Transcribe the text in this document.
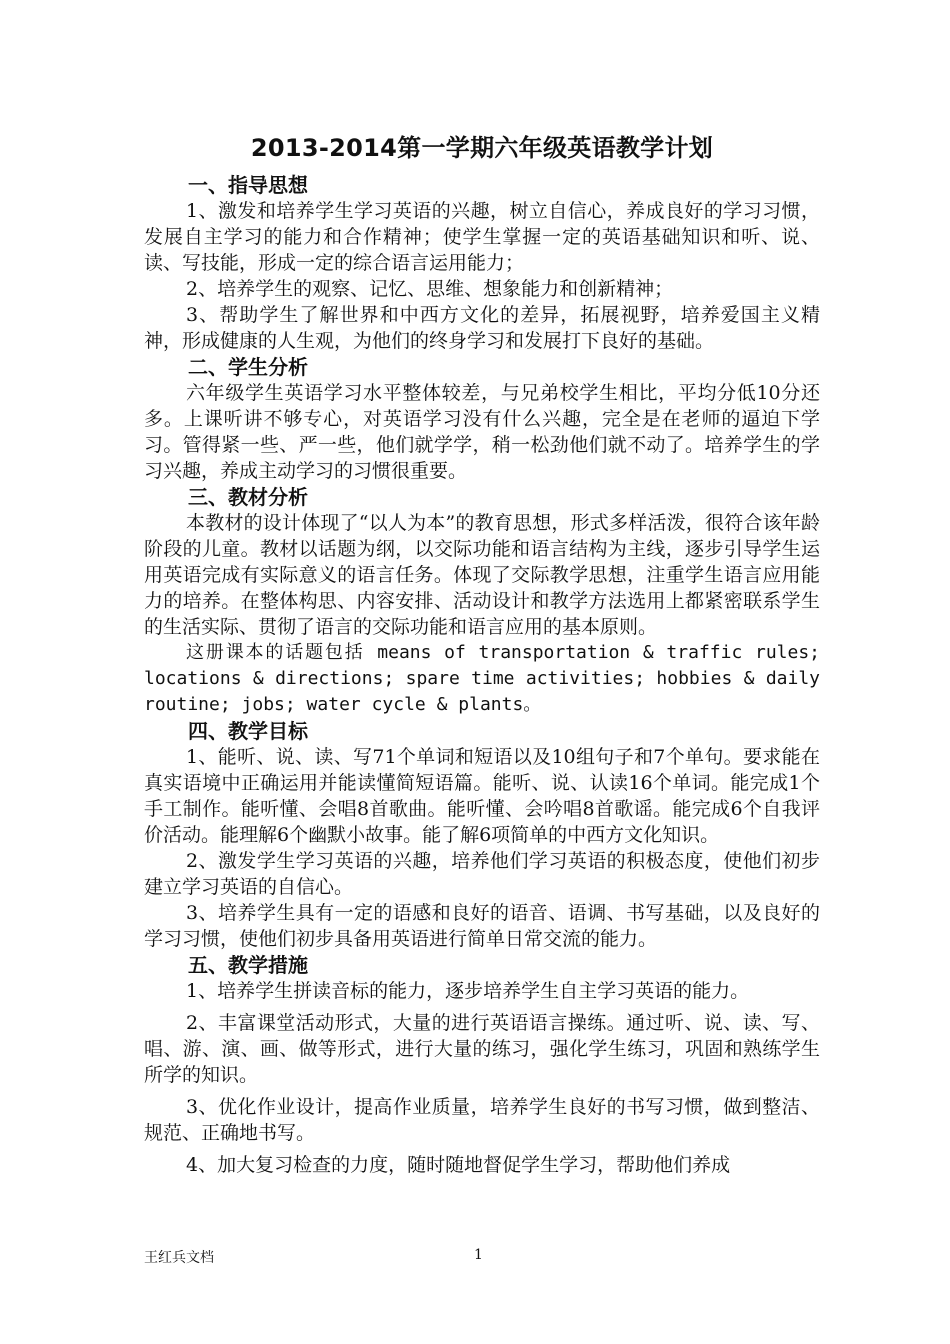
2013-2014第一学期六年级英语教学计划
一、指导思想

1、激发和培养学生学习英语的兴趣，树立自信心，养成良好的学习习惯，发展自主学习的能力和合作精神；使学生掌握一定的英语基础知识和听、说、读、写技能，形成一定的综合语言运用能力；

2、培养学生的观察、记忆、思维、想象能力和创新精神；

3、帮助学生了解世界和中西方文化的差异，拓展视野，培养爱国主义精神，形成健康的人生观，为他们的终身学习和发展打下良好的基础。

二、学生分析

六年级学生英语学习水平整体较差，与兄弟校学生相比，平均分低10分还多。上课听讲不够专心，对英语学习没有什么兴趣，完全是在老师的逼迫下学习。管得紧一些、严一些，他们就学学，稍一松劲他们就不动了。培养学生的学习兴趣，养成主动学习的习惯很重要。

三、教材分析

本教材的设计体现了“以人为本”的教育思想，形式多样活泼，很符合该年龄阶段的儿童。教材以话题为纲，以交际功能和语言结构为主线，逐步引导学生运用英语完成有实际意义的语言任务。体现了交际教学思想，注重学生语言应用能力的培养。在整体构思、内容安排、活动设计和教学方法选用上都紧密联系学生的生活实际、贯彻了语言的交际功能和语言应用的基本原则。

这册课本的话题包括 means of transportation & traffic rules; locations & directions; spare time activities; hobbies & daily routine; jobs; water cycle & plants。

四、教学目标

1、能听、说、读、写71个单词和短语以及10组句子和7个单句。要求能在真实语境中正确运用并能读懂简短语篇。能听、说、认读16个单词。能完成1个手工制作。能听懂、会唱8首歌曲。能听懂、会吟唱8首歌谣。能完成6个自我评价活动。能理解6个幽默小故事。能了解6项简单的中西方文化知识。

2、激发学生学习英语的兴趣，培养他们学习英语的积极态度，使他们初步建立学习英语的自信心。

3、培养学生具有一定的语感和良好的语音、语调、书写基础，以及良好的学习习惯，使他们初步具备用英语进行简单日常交流的能力。

五、教学措施

1、培养学生拼读音标的能力，逐步培养学生自主学习英语的能力。

2、丰富课堂活动形式，大量的进行英语语言操练。通过听、说、读、写、唱、游、演、画、做等形式，进行大量的练习，强化学生练习，巩固和熟练学生所学的知识。

3、优化作业设计，提高作业质量，培养学生良好的书写习惯，做到整洁、规范、正确地书写。

4、加大复习检查的力度，随时随地督促学生学习，帮助他们养成

王红兵文档	1
